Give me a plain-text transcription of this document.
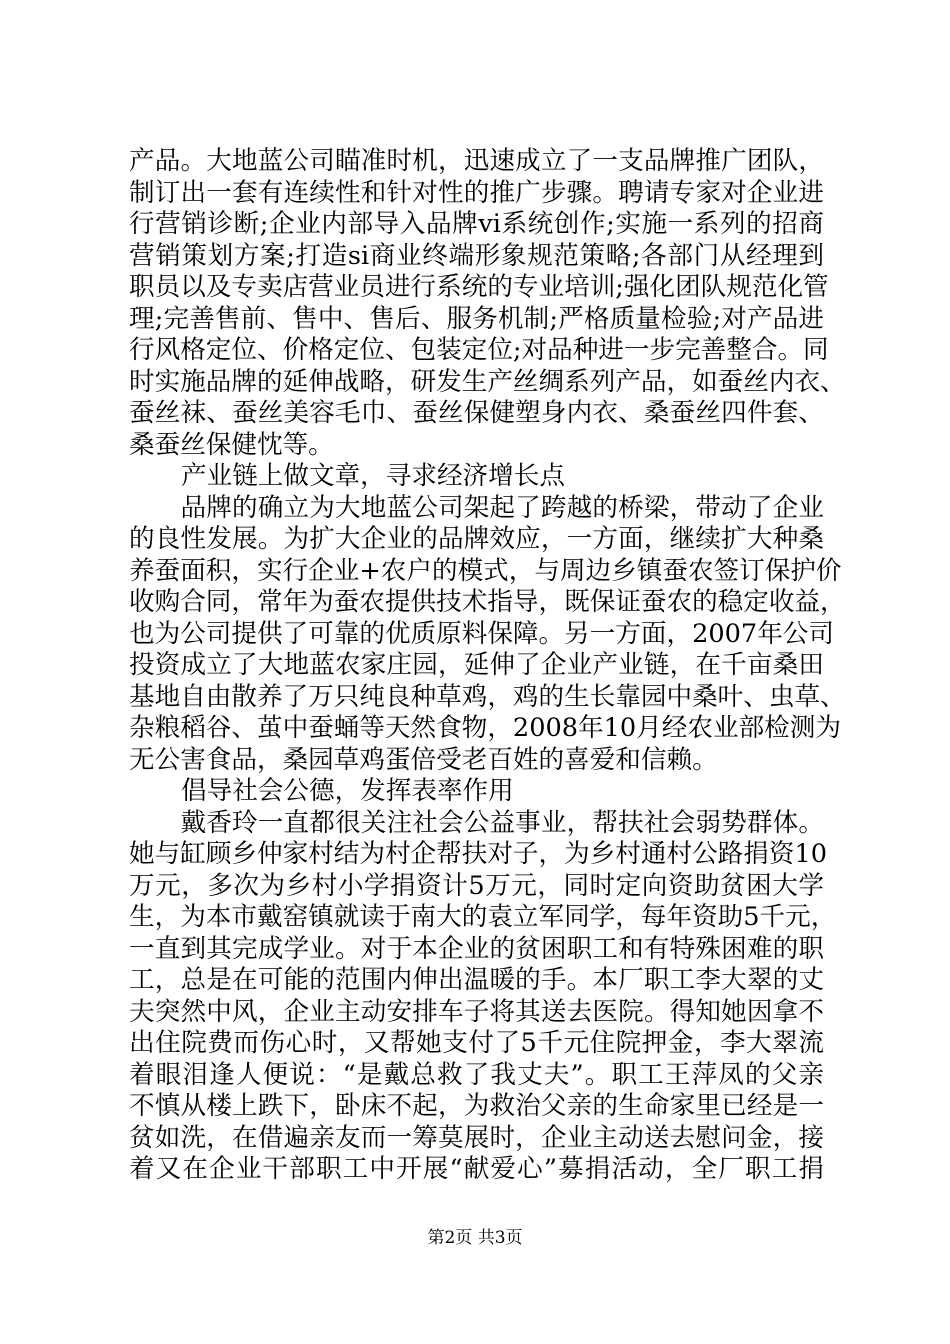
产品。大地蓝公司瞄准时机，迅速成立了一支品牌推广团队，
制订出一套有连续性和针对性的推广步骤。聘请专家对企业进
行营销诊断;企业内部导入品牌vi系统创作;实施一系列的招商
营销策划方案;打造si商业终端形象规范策略;各部门从经理到
职员以及专卖店营业员进行系统的专业培训;强化团队规范化管
理;完善售前、售中、售后、服务机制;严格质量检验;对产品进
行风格定位、价格定位、包装定位;对品种进一步完善整合。同
时实施品牌的延伸战略，研发生产丝绸系列产品，如蚕丝内衣、
蚕丝袜、蚕丝美容毛巾、蚕丝保健塑身内衣、桑蚕丝四件套、
桑蚕丝保健忱等。
产业链上做文章，寻求经济增长点
　　品牌的确立为大地蓝公司架起了跨越的桥梁，带动了企业
的良性发展。为扩大企业的品牌效应，一方面，继续扩大种桑
养蚕面积，实行企业+农户的模式，与周边乡镇蚕农签订保护价
收购合同，常年为蚕农提供技术指导，既保证蚕农的稳定收益，
也为公司提供了可靠的优质原料保障。另一方面，2007年公司
投资成立了大地蓝农家庄园，延伸了企业产业链，在千亩桑田
基地自由散养了万只纯良种草鸡，鸡的生长靠园中桑叶、虫草、
杂粮稻谷、茧中蚕蛹等天然食物，2008年10月经农业部检测为
无公害食品，桑园草鸡蛋倍受老百姓的喜爱和信赖。
倡导社会公德，发挥表率作用
　　戴香玲一直都很关注社会公益事业，帮扶社会弱势群体。
她与缸顾乡仲家村结为村企帮扶对子，为乡村通村公路捐资10
万元，多次为乡村小学捐资计5万元，同时定向资助贫困大学
生，为本市戴窑镇就读于南大的袁立军同学，每年资助5千元，
一直到其完成学业。对于本企业的贫困职工和有特殊困难的职
工，总是在可能的范围内伸出温暖的手。本厂职工李大翠的丈
夫突然中风，企业主动安排车子将其送去医院。得知她因拿不
出住院费而伤心时，又帮她支付了5千元住院押金，李大翠流
着眼泪逢人便说：“是戴总救了我丈夫”。职工王萍凤的父亲
不慎从楼上跌下，卧床不起，为救治父亲的生命家里已经是一
贫如洗，在借遍亲友而一筹莫展时，企业主动送去慰问金，接
着又在企业干部职工中开展“献爱心”募捐活动，全厂职工捐
第2页 共3页
